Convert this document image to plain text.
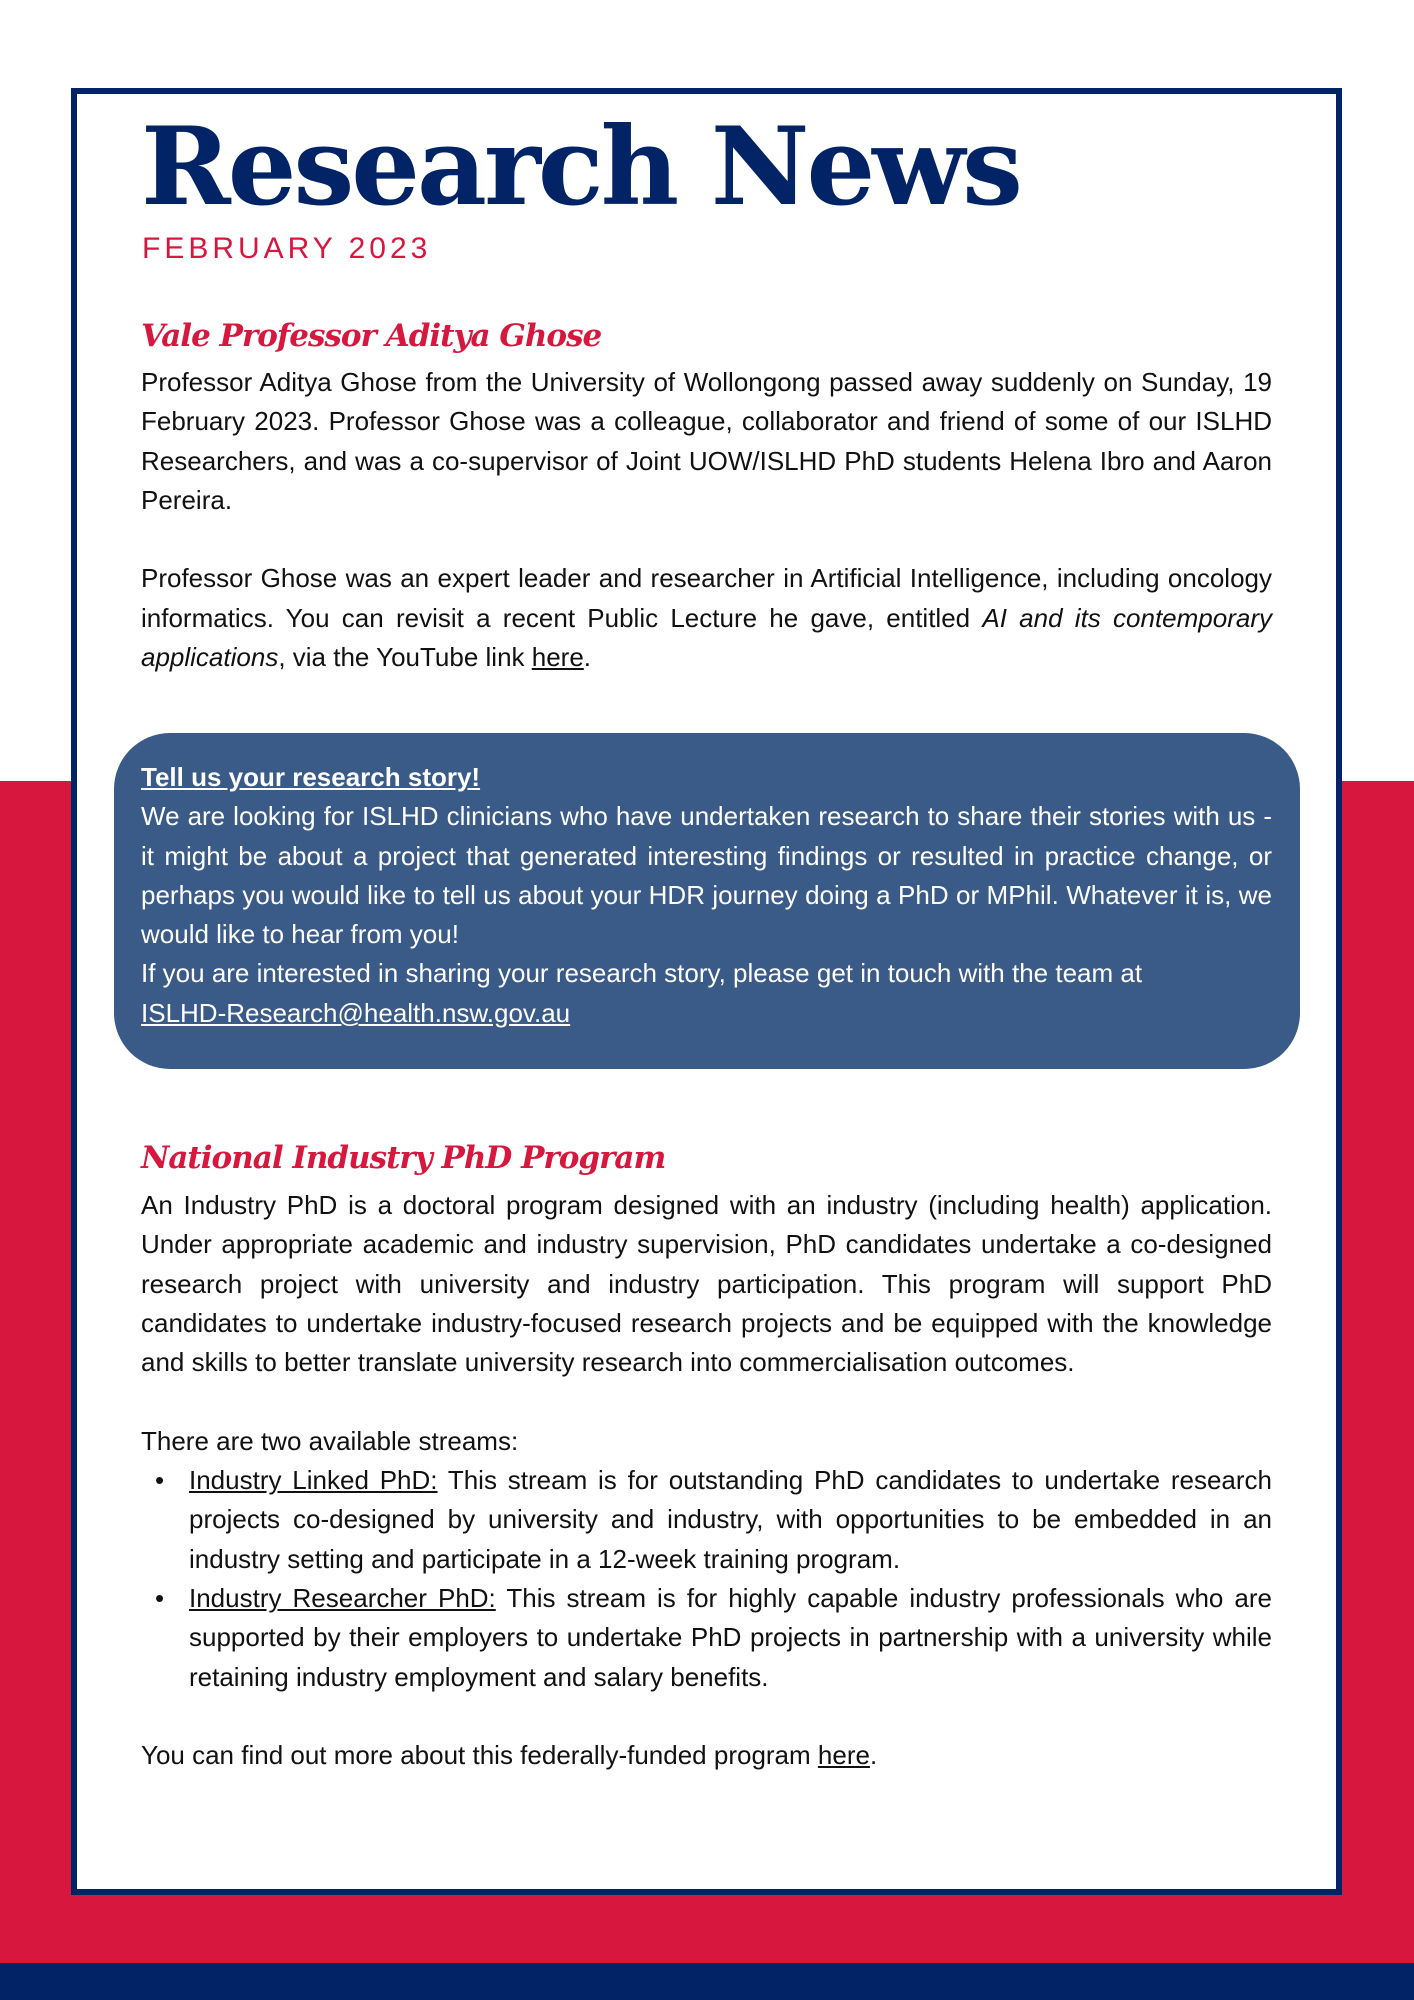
Research News
FEBRUARY 2023
Vale Professor Aditya Ghose

Professor Aditya Ghose from the University of Wollongong passed away suddenly on Sunday, 19 February 2023. Professor Ghose was a colleague, collaborator and friend of some of our ISLHD Researchers, and was a co-supervisor of Joint UOW/ISLHD PhD students Helena Ibro and Aaron Pereira.

Professor Ghose was an expert leader and researcher in Artificial Intelligence, including oncology informatics. You can revisit a recent Public Lecture he gave, entitled AI and its contemporary applications, via the YouTube link here.

Tell us your research story!

We are looking for ISLHD clinicians who have undertaken research to share their stories with us - it might be about a project that generated interesting findings or resulted in practice change, or perhaps you would like to tell us about your HDR journey doing a PhD or MPhil. Whatever it is, we would like to hear from you!

If you are interested in sharing your research story, please get in touch with the team at

ISLHD-Research@health.nsw.gov.au

National Industry PhD Program

An Industry PhD is a doctoral program designed with an industry (including health) application. Under appropriate academic and industry supervision, PhD candidates undertake a co-designed research project with university and industry participation. This program will support PhD candidates to undertake industry-focused research projects and be equipped with the knowledge and skills to better translate university research into commercialisation outcomes.

There are two available streams:

• Industry Linked PhD: This stream is for outstanding PhD candidates to undertake research projects co-designed by university and industry, with opportunities to be embedded in an industry setting and participate in a 12-week training program.
• Industry Researcher PhD: This stream is for highly capable industry professionals who are supported by their employers to undertake PhD projects in partnership with a university while retaining industry employment and salary benefits.

You can find out more about this federally-funded program here.
